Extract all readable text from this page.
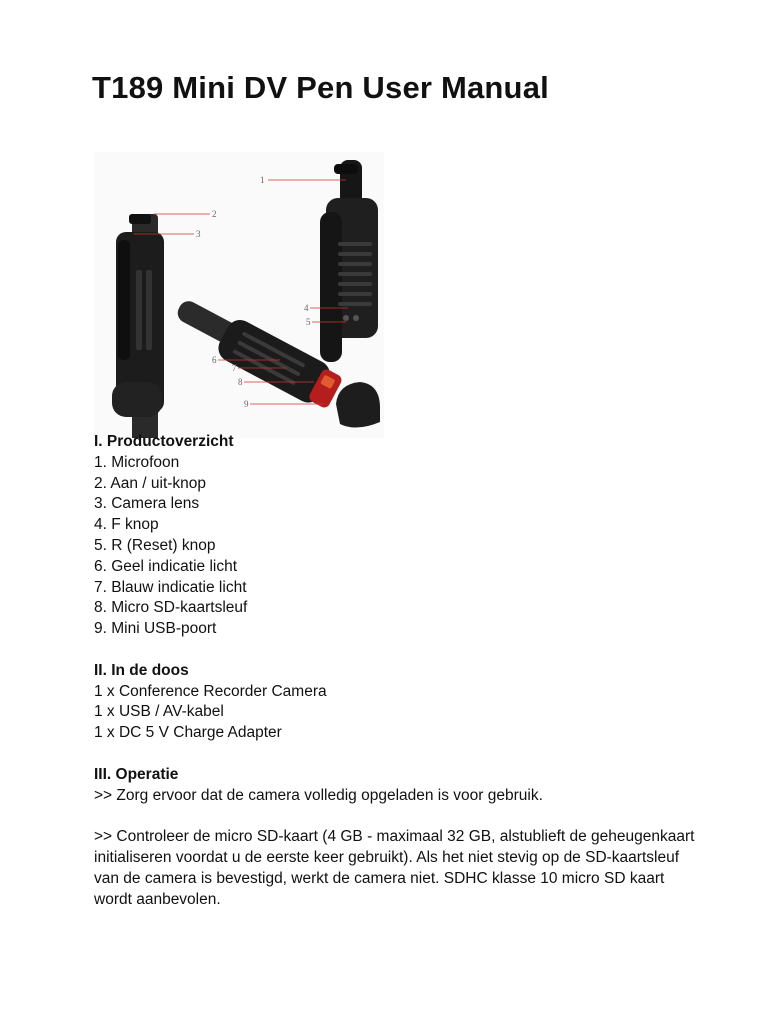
T189 Mini DV Pen User Manual
1
2
3
4
5
6
7
8
9
I. Productoverzicht
1. Microfoon
2. Aan / uit-knop
3. Camera lens
4. F knop
5. R (Reset) knop
6. Geel indicatie licht
7. Blauw indicatie licht
8. Micro SD-kaartsleuf
9. Mini USB-poort
II. In de doos
1 x Conference Recorder Camera
1 x USB / AV-kabel
1 x DC 5 V Charge Adapter
III. Operatie
>> Zorg ervoor dat de camera volledig opgeladen is voor gebruik.
>> Controleer de micro SD-kaart (4 GB - maximaal 32 GB, alstublieft de geheugenkaart initialiseren voordat u de eerste keer gebruikt). Als het niet stevig op de SD-kaartsleuf van de camera is bevestigd, werkt de camera niet. SDHC klasse 10 micro SD kaart wordt aanbevolen.
